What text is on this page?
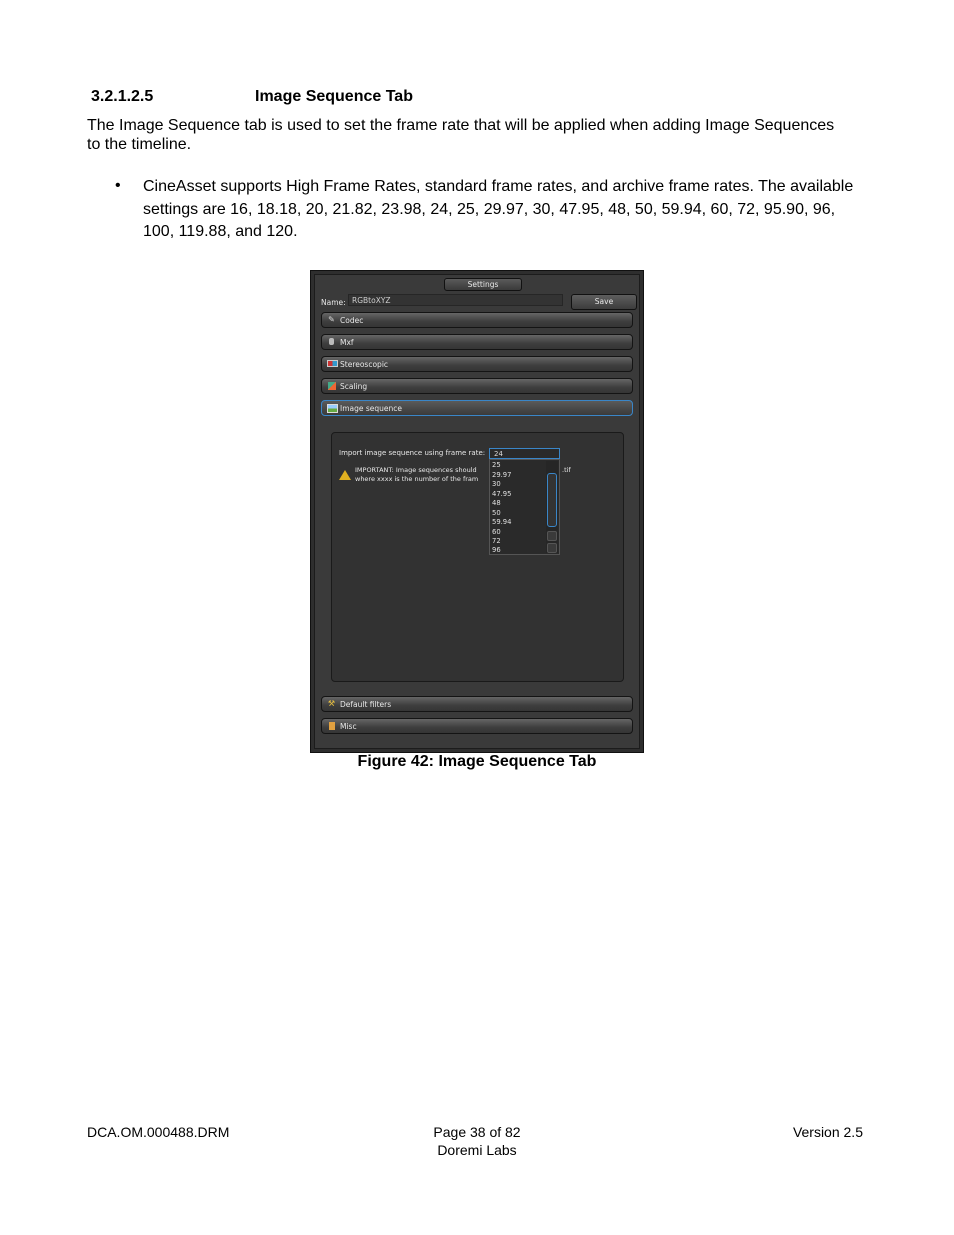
3.2.1.2.5	Image Sequence Tab
The Image Sequence tab is used to set the frame rate that will be applied when adding Image Sequences to the timeline.
• CineAsset supports High Frame Rates, standard frame rates, and archive frame rates. The available settings are 16, 18.18, 20, 21.82, 23.98, 24, 25, 29.97, 30, 47.95, 48, 50, 59.94, 60, 72, 95.90, 96, 100, 119.88, and 120.
Settings
Name: RGBtoXYZ	Save
✎ Codec
Mxf
Stereoscopic
Scaling
Image sequence
Import image sequence using frame rate:
IMPORTANT: Image sequences should
where xxxx is the number of the fram
.tif
24
25
29.97
30
47.95
48
50
59.94
60
72
96
⚒ Default filters
Misc
Figure 42: Image Sequence Tab
DCA.OM.000488.DRM	Page 38 of 82
Doremi Labs
Version 2.5
